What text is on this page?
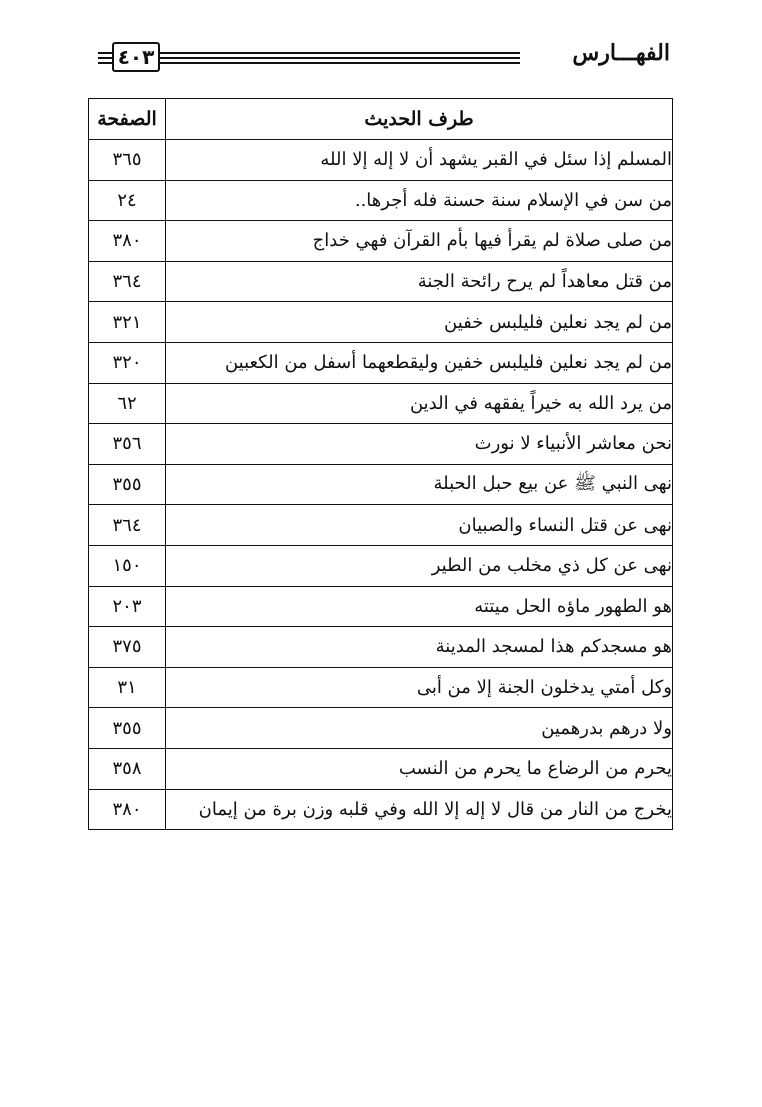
٤٠٣	الفهـــارس
طرف الحديث	الصفحة
المسلم إذا سئل في القبر يشهد أن لا إله إلا الله	٣٦٥
من سن في الإسلام سنة حسنة فله أجرها..	٢٤
من صلى صلاة لم يقرأ فيها بأم القرآن فهي خداج	٣٨٠
من قتل معاهداً لم يرح رائحة الجنة	٣٦٤
من لم يجد نعلين فليلبس خفين	٣٢١
من لم يجد نعلين فليلبس خفين وليقطعهما أسفل من الكعبين	٣٢٠
من يرد الله به خيراً يفقهه في الدين	٦٢
نحن معاشر الأنبياء لا نورث	٣٥٦
نهى النبي ﷺ عن بيع حبل الحبلة	٣٥٥
نهى عن قتل النساء والصبيان	٣٦٤
نهى عن كل ذي مخلب من الطير	١٥٠
هو الطهور ماؤه الحل ميتته	٢٠٣
هو مسجدكم هذا لمسجد المدينة	٣٧٥
وكل أمتي يدخلون الجنة إلا من أبى	٣١
ولا درهم بدرهمين	٣٥٥
يحرم من الرضاع ما يحرم من النسب	٣٥٨
يخرج من النار من قال لا إله إلا الله وفي قلبه وزن برة من إيمان	٣٨٠
